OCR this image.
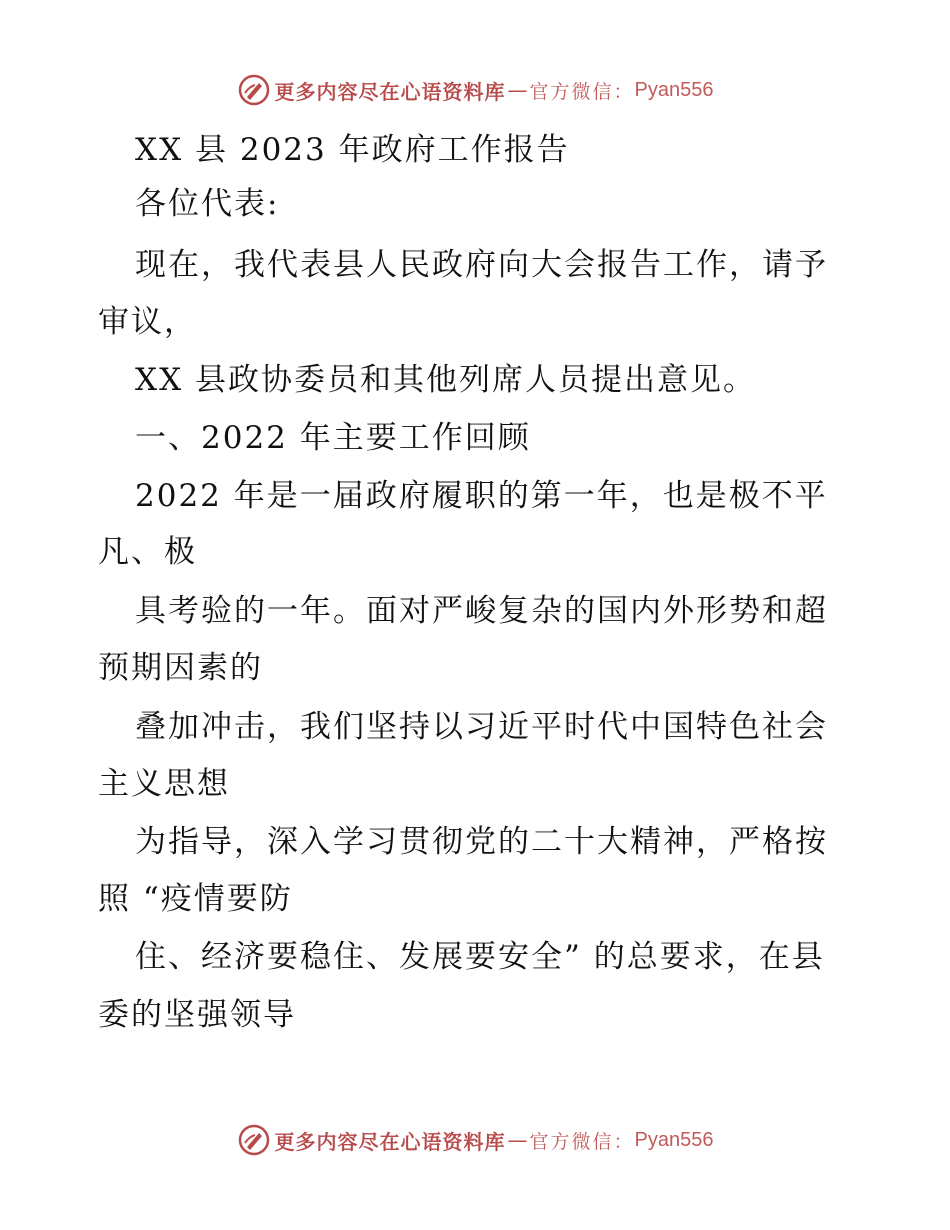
更多内容尽在心语资料库 — 官方微信： Pyan556
XX 县 2023 年政府工作报告
各位代表:
现在，我代表县人民政府向大会报告工作，请予
审议，
XX 县政协委员和其他列席人员提出意见。
一、2022 年主要工作回顾
2022 年是一届政府履职的第一年，也是极不平
凡、极
具考验的一年。面对严峻复杂的国内外形势和超
预期因素的
叠加冲击，我们坚持以习近平时代中国特色社会
主义思想
为指导，深入学习贯彻党的二十大精神，严格按
照 “疫情要防
住、经济要稳住、发展要安全” 的总要求，在县
委的坚强领导
更多内容尽在心语资料库 — 官方微信： Pyan556
